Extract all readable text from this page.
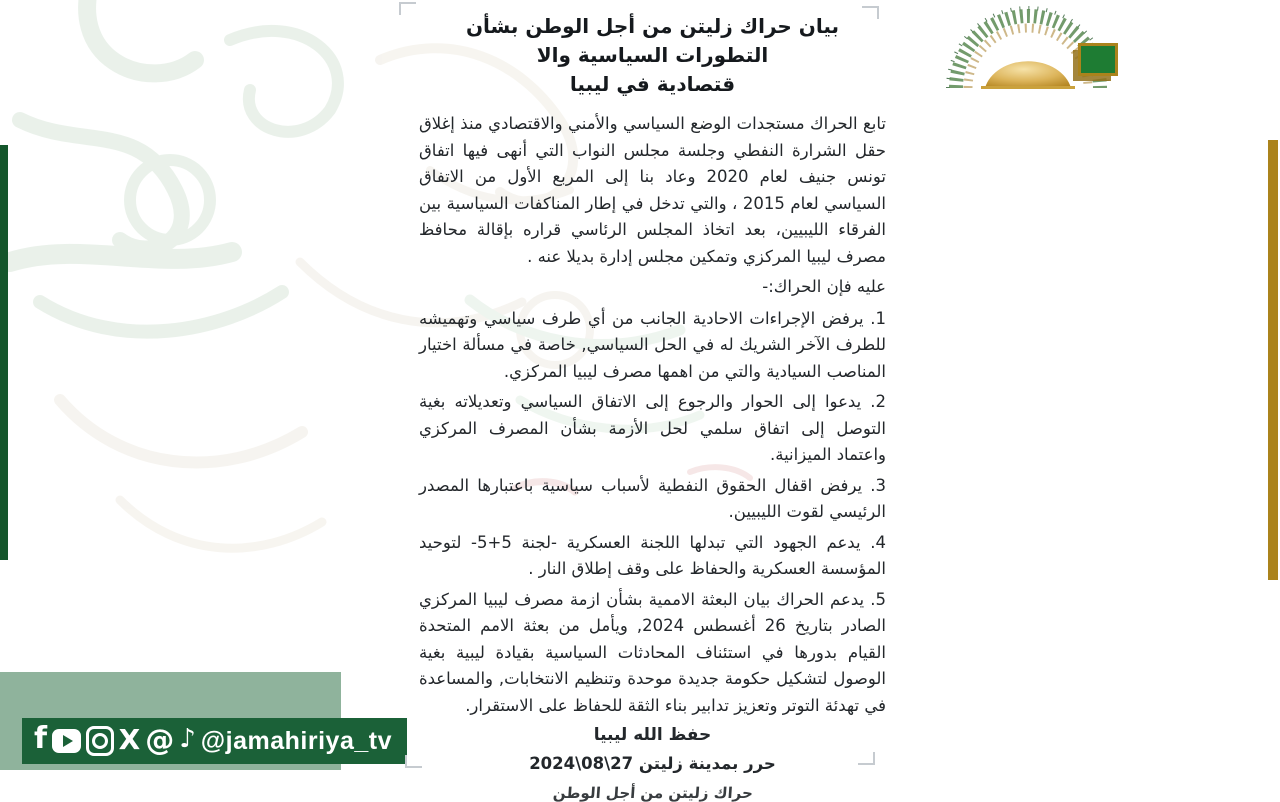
بيان حراك زليتن من أجل الوطن بشأن التطورات السياسية والا
قتصادية في ليبيا

تابع الحراك مستجدات الوضع السياسي والأمني والاقتصادي منذ إغلاق حقل الشرارة النفطي وجلسة مجلس النواب التي أنهى فيها اتفاق تونس جنيف لعام 2020 وعاد بنا إلى المربع الأول من الاتفاق السياسي لعام 2015 ، والتي تدخل في إطار المناكفات السياسية بين الفرقاء الليبيين، بعد اتخاذ المجلس الرئاسي قراره بإقالة محافظ مصرف ليبيا المركزي وتمكين مجلس إدارة بديلا عنه .

عليه فإن الحراك:-

1. يرفض الإجراءات الاحادية الجانب من أي طرف سياسي وتهميشه للطرف الآخر الشريك له في الحل السياسي, خاصة في مسألة اختيار المناصب السيادية والتي من اهمها مصرف ليبيا المركزي.

2. يدعوا إلى الحوار والرجوع إلى الاتفاق السياسي وتعديلاته بغية التوصل إلى اتفاق سلمي لحل الأزمة بشأن المصرف المركزي واعتماد الميزانية.

3. يرفض اقفال الحقوق النفطية لأسباب سياسية باعتبارها المصدر الرئيسي لقوت الليبيين.

4. يدعم الجهود التي تبدلها اللجنة العسكرية -لجنة 5+5- لتوحيد المؤسسة العسكرية والحفاظ على وقف إطلاق النار .

5. يدعم الحراك بيان البعثة الاممية بشأن ازمة مصرف ليبيا المركزي الصادر بتاريخ 26 أغسطس 2024, ويأمل من بعثة الامم المتحدة القيام بدورها في استئناف المحادثات السياسية بقيادة ليبية بغية الوصول لتشكيل حكومة جديدة موحدة وتنظيم الانتخابات, والمساعدة في تهدئة التوتر وتعزيز تدابير بناء الثقة للحفاظ على الاستقرار.

حفظ الله ليبيا

حرر بمدينة زليتن 27\08\2024

حراك زليتن من أجل الوطن

f	X @ ♪ @jamahiriya_tv
